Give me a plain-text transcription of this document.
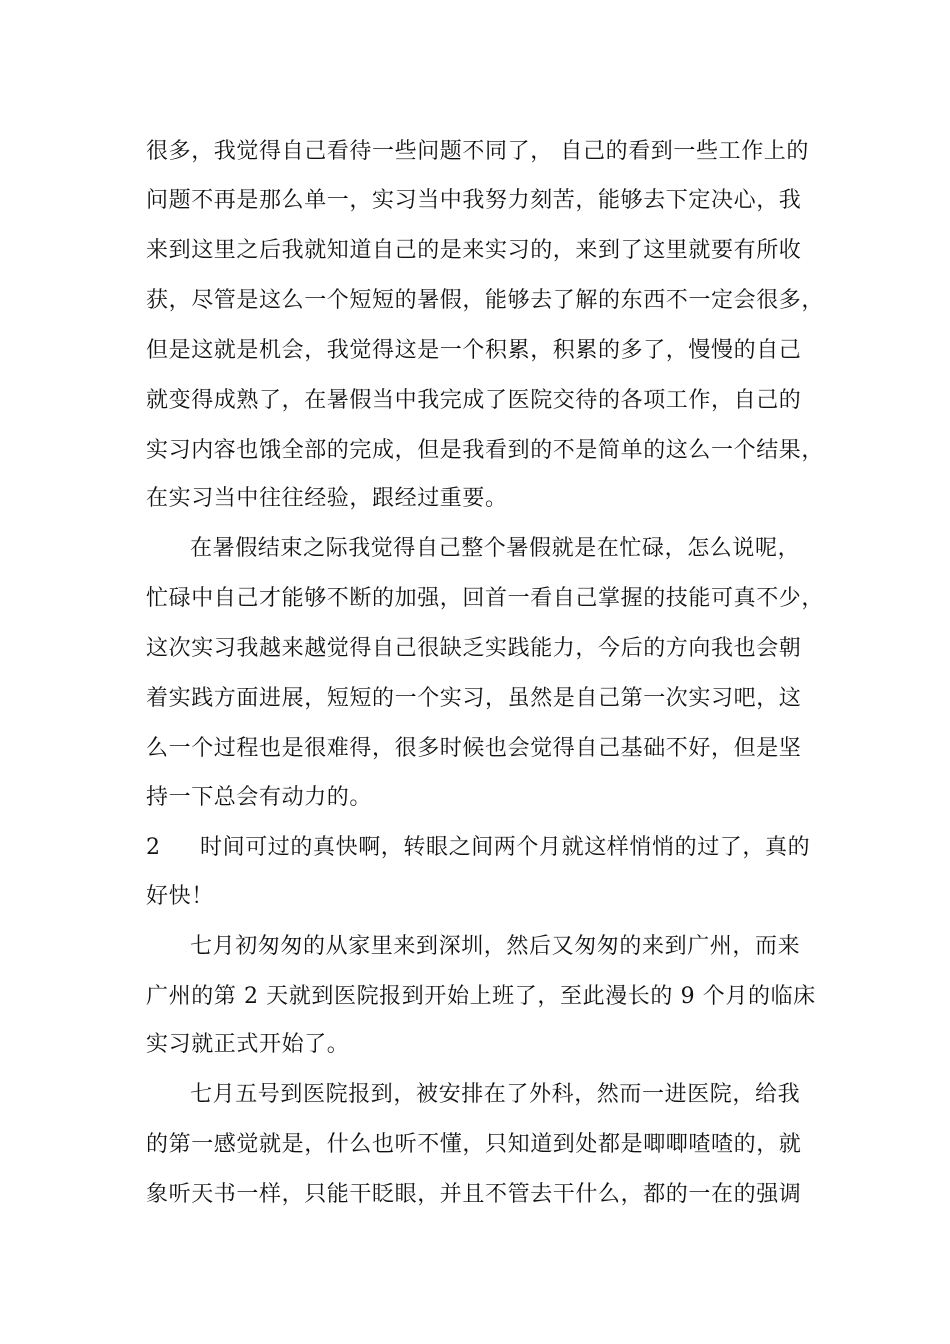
很多，我觉得自己看待一些问题不同了， 自己的看到一些工作上的
问题不再是那么单一，实习当中我努力刻苦，能够去下定决心，我
来到这里之后我就知道自己的是来实习的，来到了这里就要有所收
获，尽管是这么一个短短的暑假，能够去了解的东西不一定会很多，
但是这就是机会，我觉得这是一个积累，积累的多了，慢慢的自己
就变得成熟了，在暑假当中我完成了医院交待的各项工作，自己的
实习内容也饿全部的完成，但是我看到的不是简单的这么一个结果，
在实习当中往往经验，跟经过重要。
在暑假结束之际我觉得自己整个暑假就是在忙碌，怎么说呢，
忙碌中自己才能够不断的加强，回首一看自己掌握的技能可真不少，
这次实习我越来越觉得自己很缺乏实践能力，今后的方向我也会朝
着实践方面进展，短短的一个实习，虽然是自己第一次实习吧，这
么一个过程也是很难得，很多时候也会觉得自己基础不好，但是坚
持一下总会有动力的。
2 时间可过的真快啊，转眼之间两个月就这样悄悄的过了，真的
好快！
七月初匆匆的从家里来到深圳，然后又匆匆的来到广州，而来
广州的第 2 天就到医院报到开始上班了，至此漫长的 9 个月的临床
实习就正式开始了。
七月五号到医院报到，被安排在了外科，然而一进医院，给我
的第一感觉就是，什么也听不懂，只知道到处都是唧唧喳喳的，就
象听天书一样，只能干眨眼，并且不管去干什么，都的一在的强调
